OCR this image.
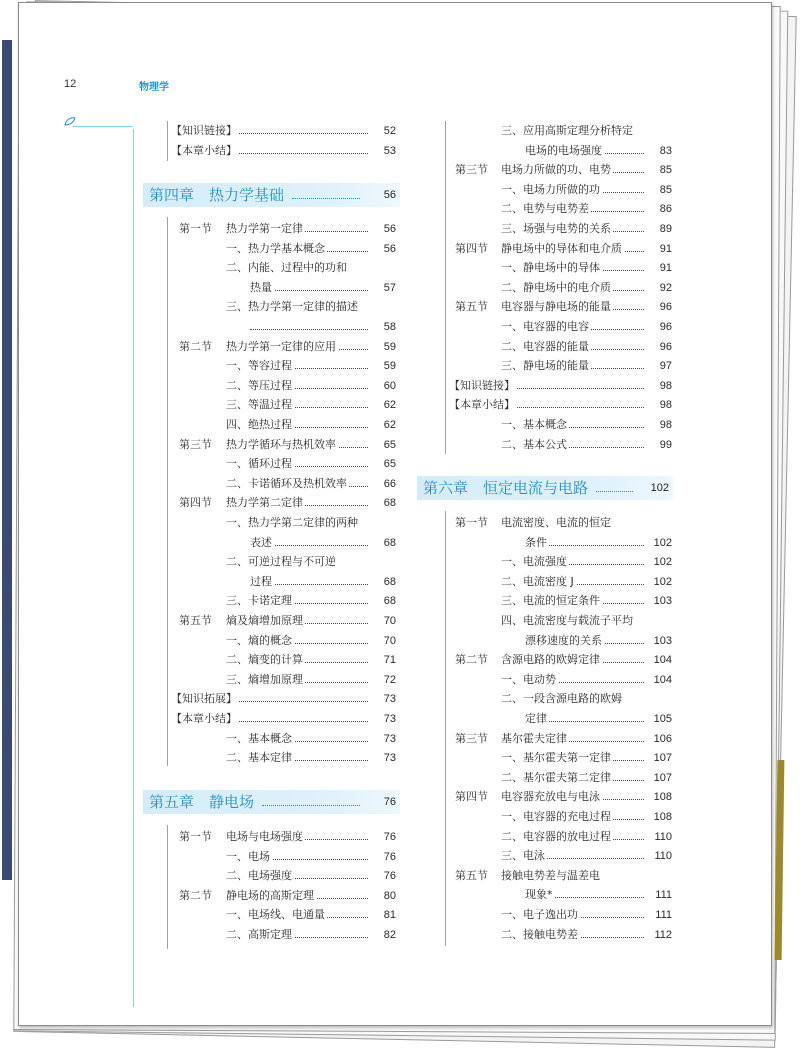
12	物理学
【知识链接】	52
【本章小结】	53
第四章 热力学基础	56
第一节 热力学第一定律	56
一、热力学基本概念	56
二、内能、过程中的功和
热量	57
三、热力学第一定律的描述
58
第二节 热力学第一定律的应用	59
一、等容过程	59
二、等压过程	60
三、等温过程	62
四、绝热过程	62
第三节 热力学循环与热机效率	65
一、循环过程	65
二、卡诺循环及热机效率	66
第四节 热力学第二定律	68
一、热力学第二定律的两种
表述	68
二、可逆过程与不可逆
过程	68
三、卡诺定理	68
第五节 熵及熵增加原理	70
一、熵的概念	70
二、熵变的计算	71
三、熵增加原理	72
【知识拓展】	73
【本章小结】	73
一、基本概念	73
二、基本定律	73
第五章 静电场	76
第一节 电场与电场强度	76
一、电场	76
二、电场强度	76
第二节 静电场的高斯定理	80
一、电场线、电通量	81
二、高斯定理	82
三、应用高斯定理分析特定
电场的电场强度	83
第三节 电场力所做的功、电势	85
一、电场力所做的功	85
二、电势与电势差	86
三、场强与电势的关系	89
第四节 静电场中的导体和电介质	91
一、静电场中的导体	91
二、静电场中的电介质	92
第五节 电容器与静电场的能量	96
一、电容器的电容	96
二、电容器的能量	96
三、静电场的能量	97
【知识链接】	98
【本章小结】	98
一、基本概念	98
二、基本公式	99
第六章 恒定电流与电路	102
第一节 电流密度、电流的恒定
条件	102
一、电流强度	102
二、电流密度 J	102
三、电流的恒定条件	103
四、电流密度与载流子平均
漂移速度的关系	103
第二节 含源电路的欧姆定律	104
一、电动势	104
二、一段含源电路的欧姆
定律	105
第三节 基尔霍夫定律	106
一、基尔霍夫第一定律	107
二、基尔霍夫第二定律	107
第四节 电容器充放电与电泳	108
一、电容器的充电过程	108
二、电容器的放电过程	110
三、电泳	110
第五节 接触电势差与温差电
现象*	111
一、电子逸出功	111
二、接触电势差	112
